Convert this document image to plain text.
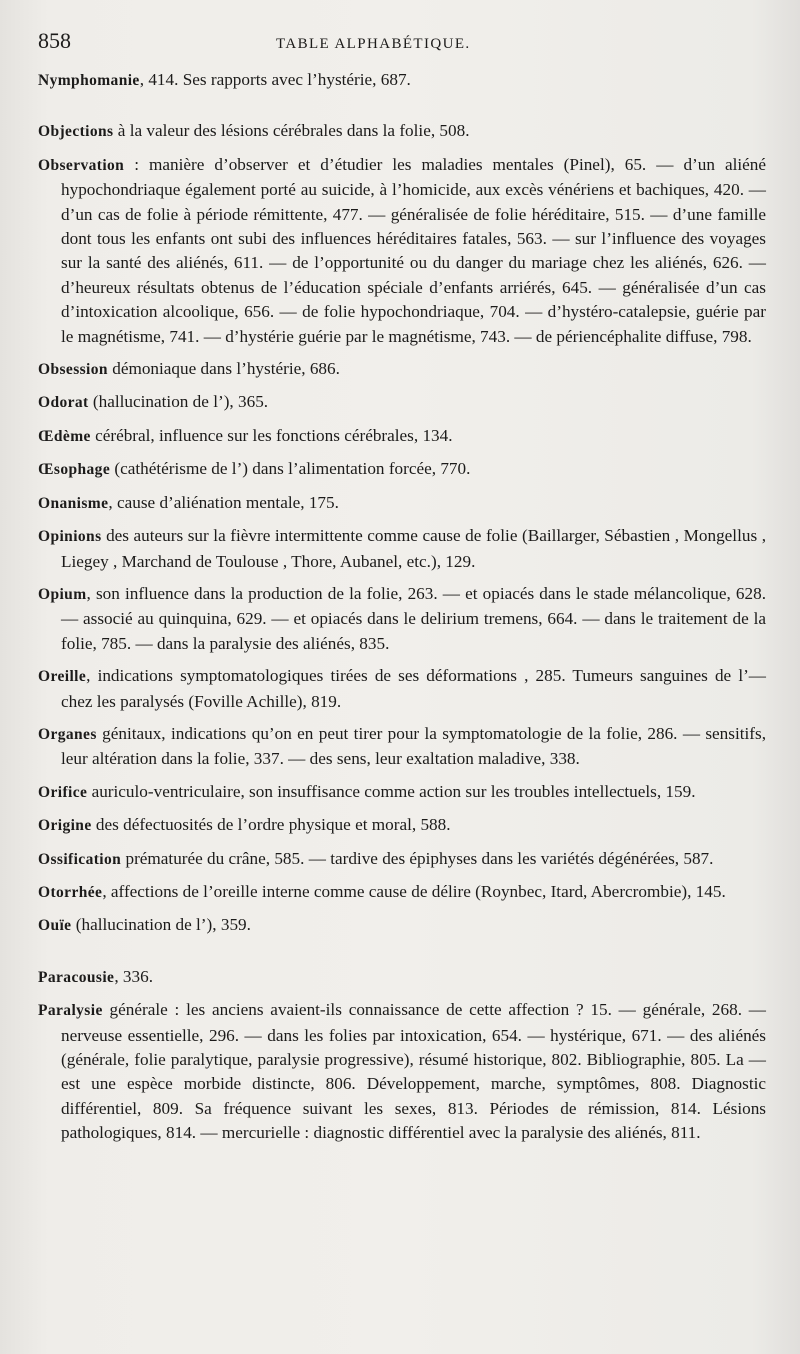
858	TABLE ALPHABÉTIQUE.

Nymphomanie, 414. Ses rapports avec l’hystérie, 687.

Objections à la valeur des lésions cérébrales dans la folie, 508.

Observation : manière d’observer et d’étudier les maladies mentales (Pinel), 65. — d’un aliéné hypochondriaque également porté au suicide, à l’homicide, aux excès vénériens et bachiques, 420. — d’un cas de folie à période rémittente, 477. — généralisée de folie héréditaire, 515. — d’une famille dont tous les enfants ont subi des influences héréditaires fatales, 563. — sur l’influence des voyages sur la santé des aliénés, 611. — de l’opportunité ou du danger du mariage chez les aliénés, 626. — d’heureux résultats obtenus de l’éducation spéciale d’enfants arriérés, 645. — généralisée d’un cas d’intoxication alcoolique, 656. — de folie hypochondriaque, 704. — d’hystéro-catalepsie, guérie par le magnétisme, 741. — d’hystérie guérie par le magnétisme, 743. — de périencéphalite diffuse, 798.

Obsession démoniaque dans l’hystérie, 686.

Odorat (hallucination de l’), 365.

Œdème cérébral, influence sur les fonctions cérébrales, 134.

Œsophage (cathétérisme de l’) dans l’alimentation forcée, 770.

Onanisme, cause d’aliénation mentale, 175.

Opinions des auteurs sur la fièvre intermittente comme cause de folie (Baillarger, Sébastien , Mongellus , Liegey , Marchand de Toulouse , Thore, Aubanel, etc.), 129.

Opium, son influence dans la production de la folie, 263. — et opiacés dans le stade mélancolique, 628. — associé au quinquina, 629. — et opiacés dans le delirium tremens, 664. — dans le traitement de la folie, 785. — dans la paralysie des aliénés, 835.

Oreille, indications symptomatologiques tirées de ses déformations , 285. Tumeurs sanguines de l’— chez les paralysés (Foville Achille), 819.

Organes génitaux, indications qu’on en peut tirer pour la symptomatologie de la folie, 286. — sensitifs, leur altération dans la folie, 337. — des sens, leur exaltation maladive, 338.

Orifice auriculo-ventriculaire, son insuffisance comme action sur les troubles intellectuels, 159.

Origine des défectuosités de l’ordre physique et moral, 588.

Ossification prématurée du crâne, 585. — tardive des épiphyses dans les variétés dégénérées, 587.

Otorrhée, affections de l’oreille interne comme cause de délire (Roynbec, Itard, Abercrombie), 145.

Ouïe (hallucination de l’), 359.

Paracousie, 336.

Paralysie générale : les anciens avaient-ils connaissance de cette affection ? 15. — générale, 268. — nerveuse essentielle, 296. — dans les folies par intoxication, 654. — hystérique, 671. — des aliénés (générale, folie paralytique, paralysie progressive), résumé historique, 802. Bibliographie, 805. La — est une espèce morbide distincte, 806. Développement, marche, symptômes, 808. Diagnostic différentiel, 809. Sa fréquence suivant les sexes, 813. Périodes de rémission, 814. Lésions pathologiques, 814. — mercurielle : diagnostic différentiel avec la paralysie des aliénés, 811.
